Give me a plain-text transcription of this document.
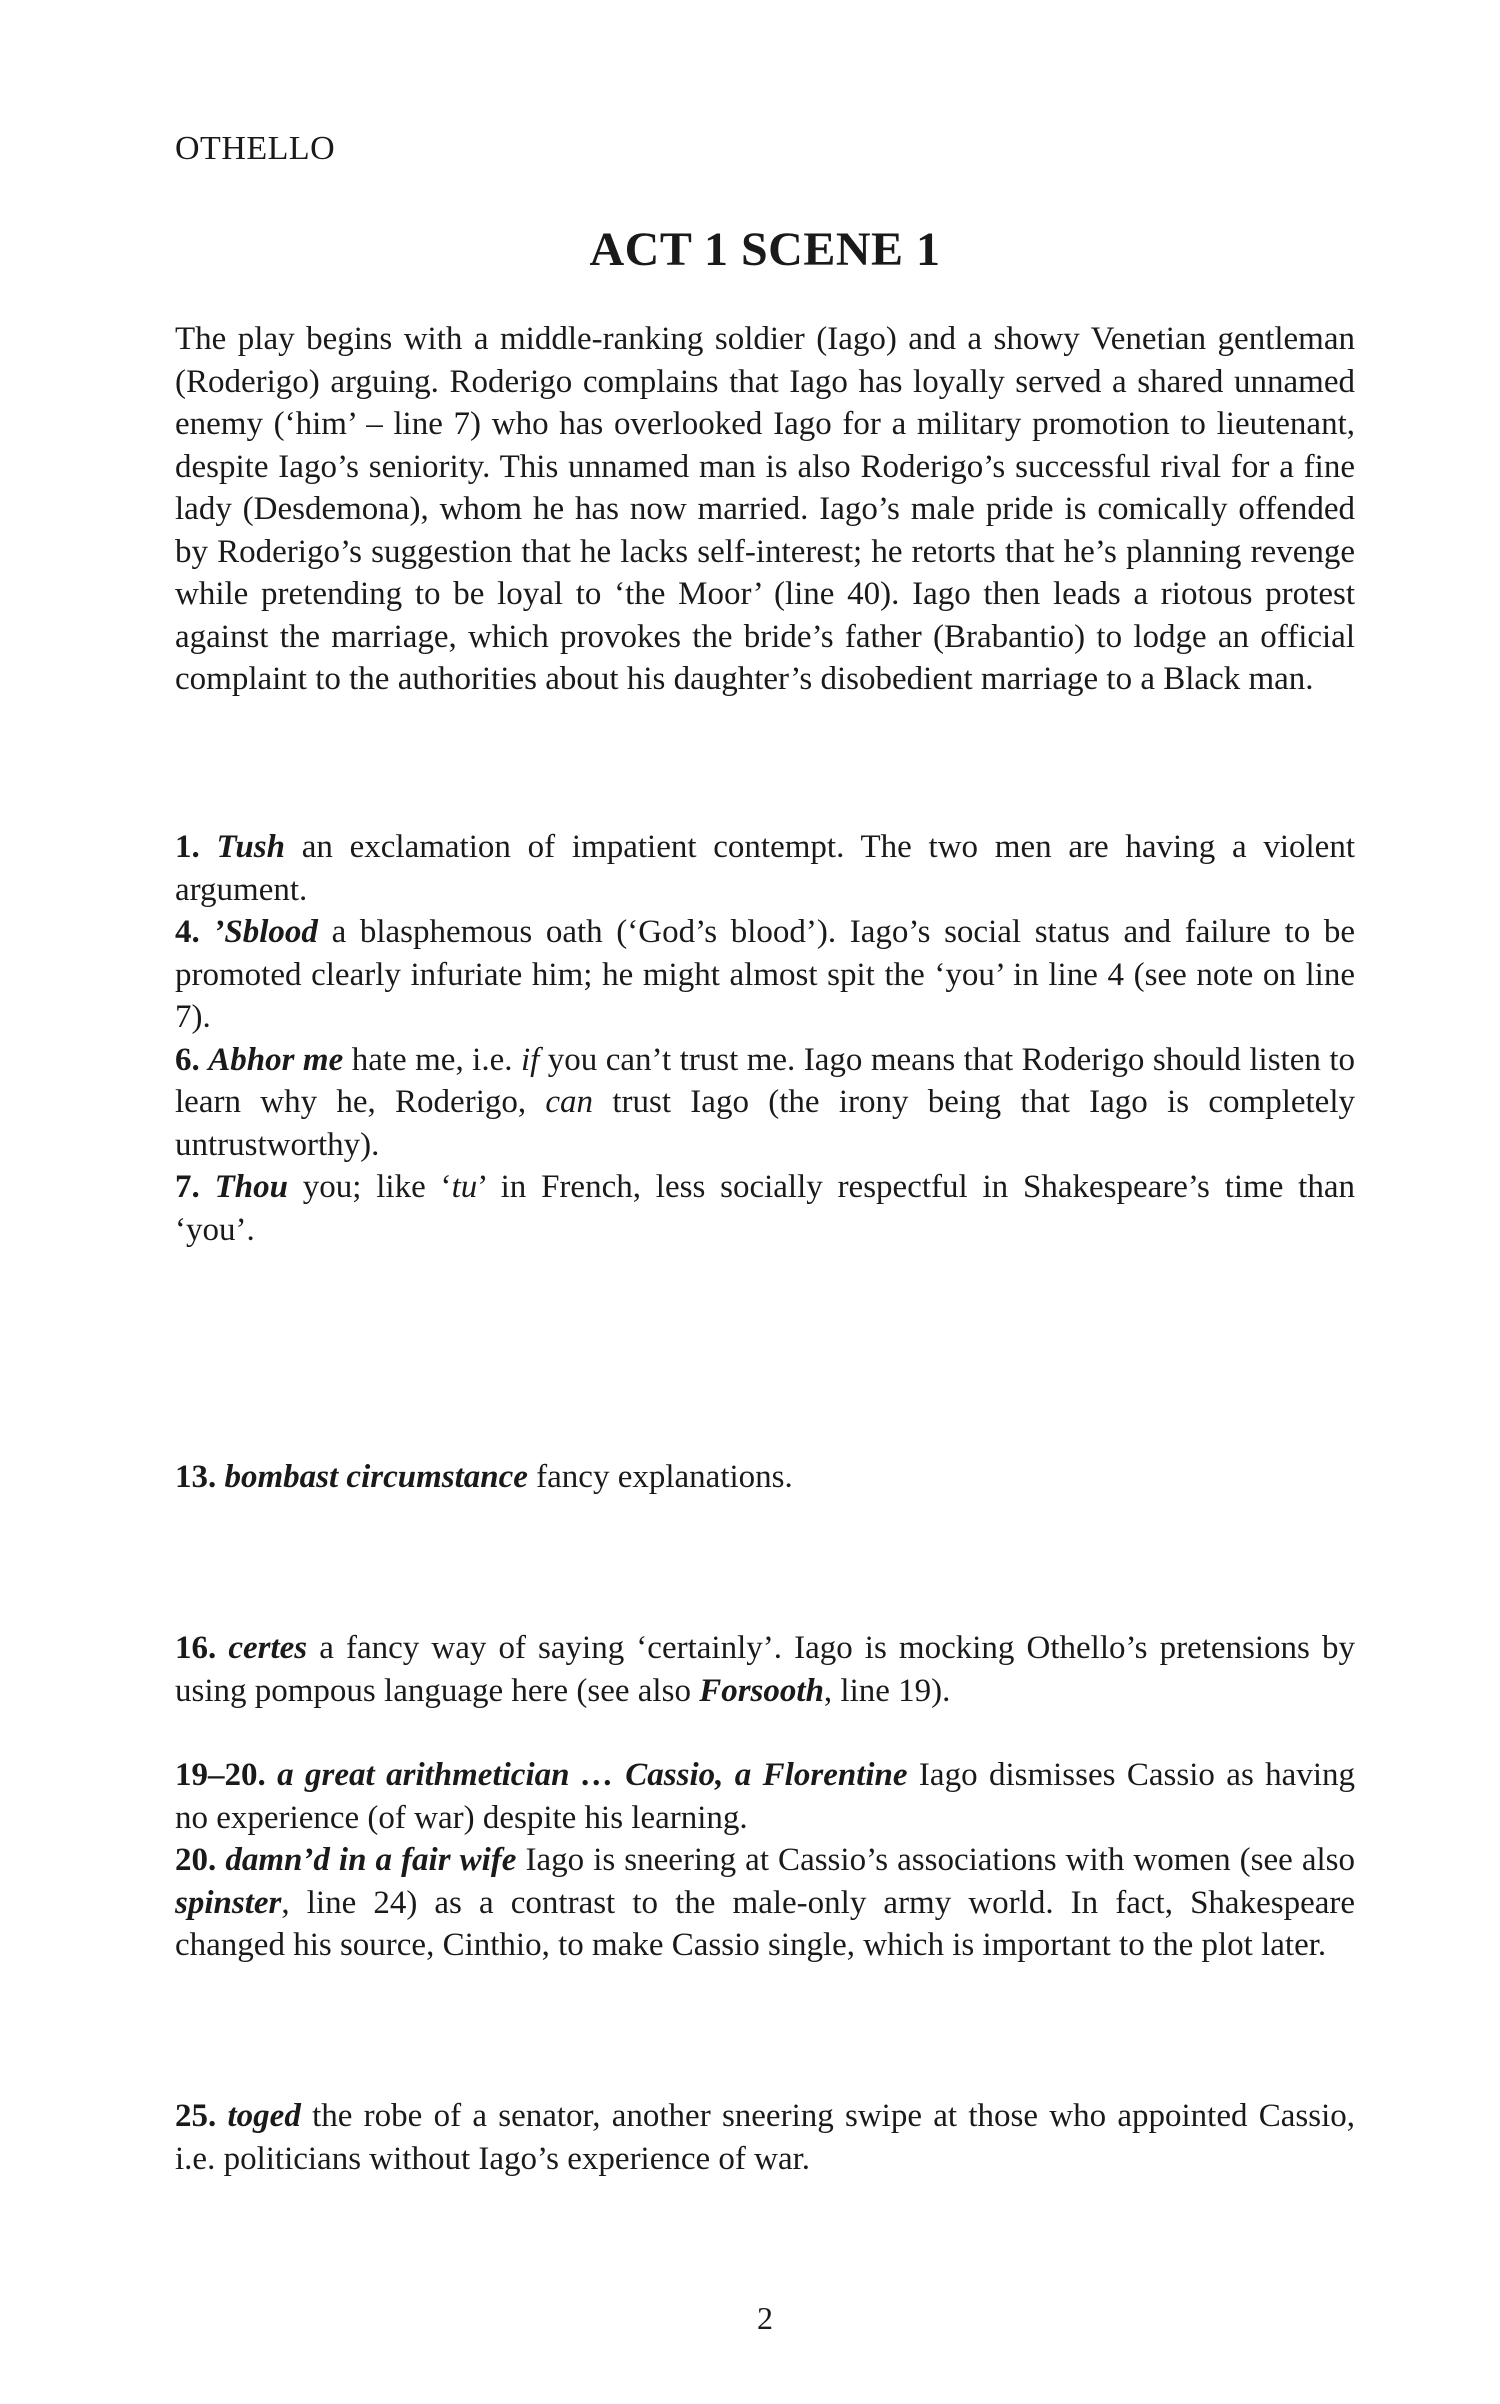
OTHELLO
ACT 1 SCENE 1

The play begins with a middle-ranking soldier (Iago) and a showy Venetian gentleman (Roderigo) arguing. Roderigo complains that Iago has loyally served a shared unnamed enemy (‘him’ – line 7) who has overlooked Iago for a military promotion to lieutenant, despite Iago’s seniority. This unnamed man is also Roderigo’s successful rival for a fine lady (Desdemona), whom he has now married. Iago’s male pride is comically offended by Roderigo’s suggestion that he lacks self-interest; he retorts that he’s planning revenge while pretending to be loyal to ‘the Moor’ (line 40). Iago then leads a riotous protest against the marriage, which provokes the bride’s father (Brabantio) to lodge an official complaint to the authorities about his daughter’s disobedient marriage to a Black man.

1. Tush an exclamation of impatient contempt. The two men are having a violent argument.

4. ’Sblood a blasphemous oath (‘God’s blood’). Iago’s social status and failure to be promoted clearly infuriate him; he might almost spit the ‘you’ in line 4 (see note on line 7).

6. Abhor me hate me, i.e. if you can’t trust me. Iago means that Roderigo should listen to learn why he, Roderigo, can trust Iago (the irony being that Iago is completely untrustworthy).

7. Thou you; like ‘tu’ in French, less socially respectful in Shakespeare’s time than ‘you’.

13. bombast circumstance fancy explanations.

16. certes a fancy way of saying ‘certainly’. Iago is mocking Othello’s pretensions by using pompous language here (see also Forsooth, line 19).

19–20. a great arithmetician … Cassio, a Florentine Iago dismisses Cassio as having no experience (of war) despite his learning.

20. damn’d in a fair wife Iago is sneering at Cassio’s associations with women (see also spinster, line 24) as a contrast to the male-only army world. In fact, Shakespeare changed his source, Cinthio, to make Cassio single, which is important to the plot later.

25. toged the robe of a senator, another sneering swipe at those who appointed Cassio, i.e. politicians without Iago’s experience of war.

2
